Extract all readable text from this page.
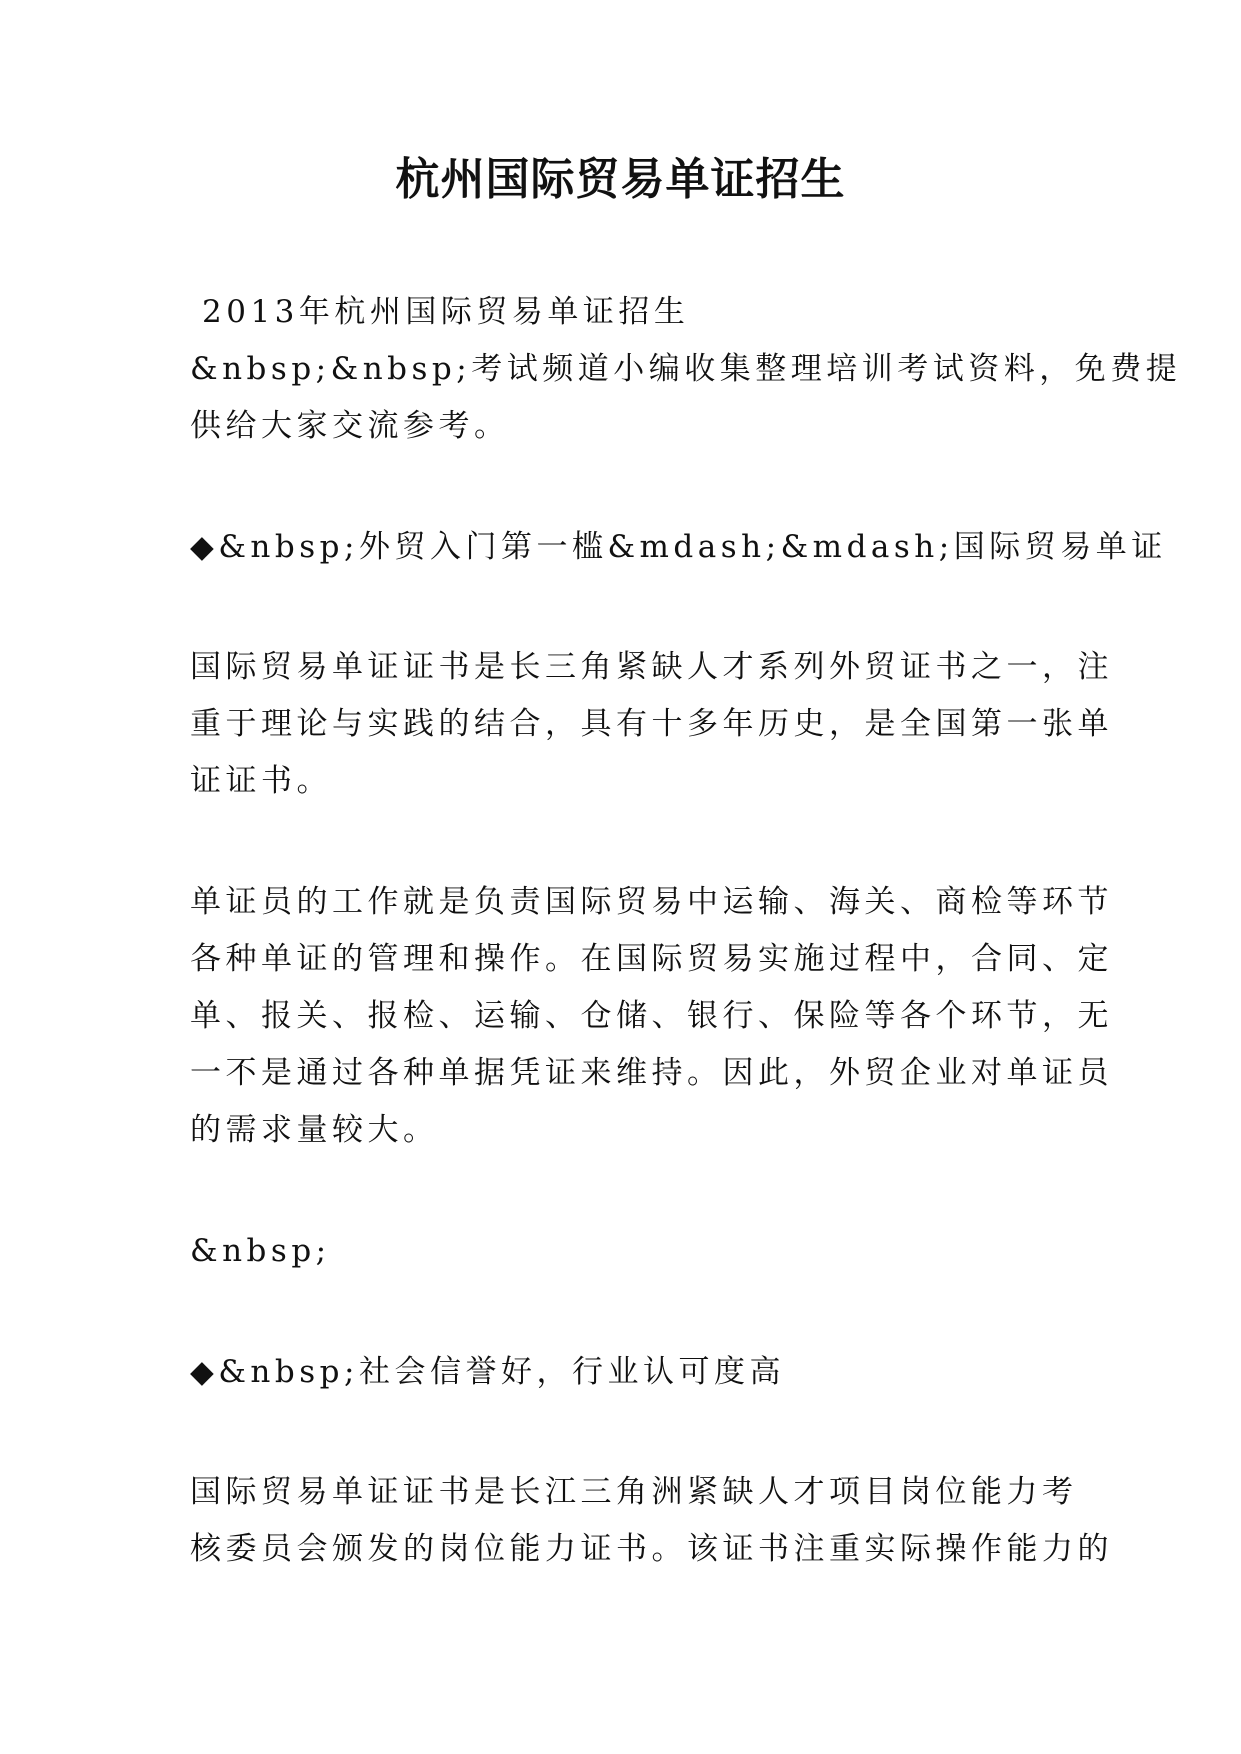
杭州国际贸易单证招生
2013年杭州国际贸易单证招生
&nbsp;&nbsp;考试频道小编收集整理培训考试资料，免费提
供给大家交流参考。
◆&nbsp;外贸入门第一槛&mdash;&mdash;国际贸易单证
国际贸易单证证书是长三角紧缺人才系列外贸证书之一，注
重于理论与实践的结合，具有十多年历史，是全国第一张单
证证书。
单证员的工作就是负责国际贸易中运输、海关、商检等环节
各种单证的管理和操作。在国际贸易实施过程中，合同、定
单、报关、报检、运输、仓储、银行、保险等各个环节，无
一不是通过各种单据凭证来维持。因此，外贸企业对单证员
的需求量较大。
&nbsp;
◆&nbsp;社会信誉好，行业认可度高
国际贸易单证证书是长江三角洲紧缺人才项目岗位能力考
核委员会颁发的岗位能力证书。该证书注重实际操作能力的
